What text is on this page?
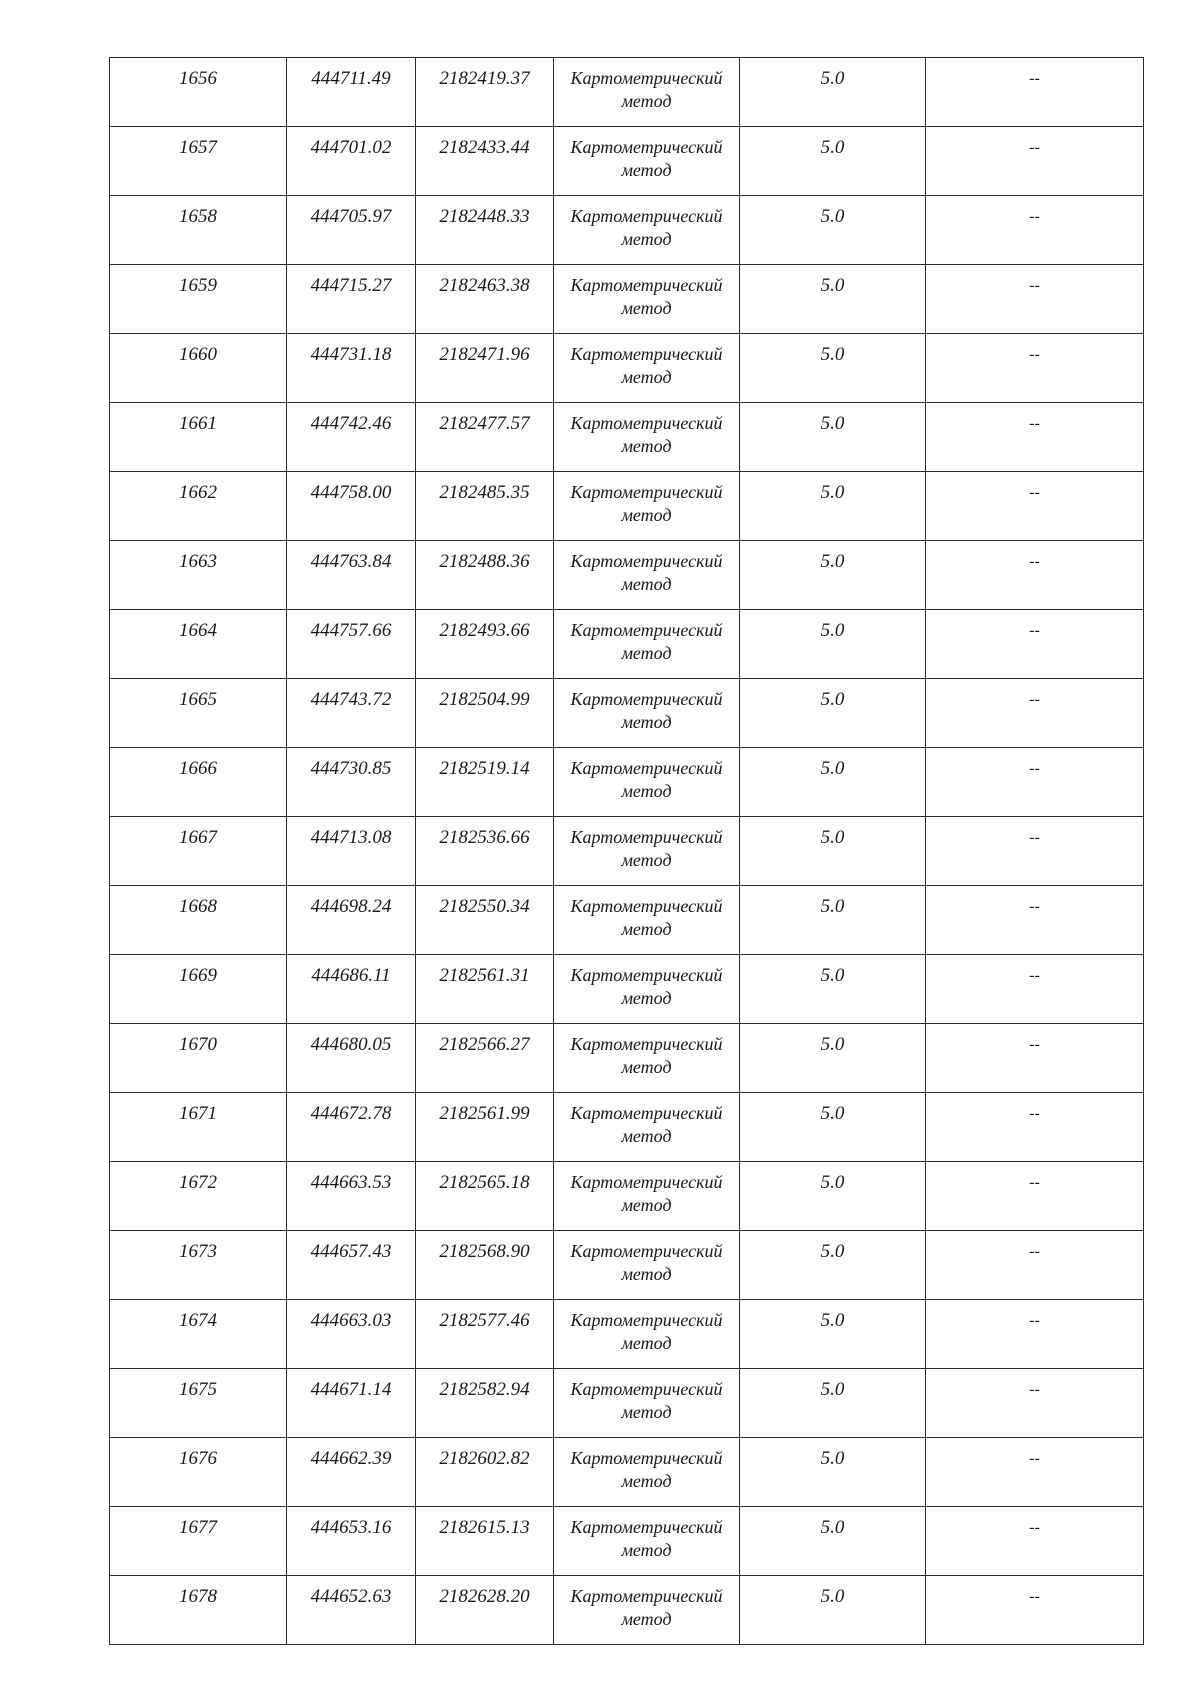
1656	444711.49	2182419.37	Картометрический
метод	5.0	--

1657	444701.02	2182433.44	Картометрический
метод	5.0	--

1658	444705.97	2182448.33	Картометрический
метод	5.0	--

1659	444715.27	2182463.38	Картометрический
метод	5.0	--

1660	444731.18	2182471.96	Картометрический
метод	5.0	--

1661	444742.46	2182477.57	Картометрический
метод	5.0	--

1662	444758.00	2182485.35	Картометрический
метод	5.0	--

1663	444763.84	2182488.36	Картометрический
метод	5.0	--

1664	444757.66	2182493.66	Картометрический
метод	5.0	--

1665	444743.72	2182504.99	Картометрический
метод	5.0	--

1666	444730.85	2182519.14	Картометрический
метод	5.0	--

1667	444713.08	2182536.66	Картометрический
метод	5.0	--

1668	444698.24	2182550.34	Картометрический
метод	5.0	--

1669	444686.11	2182561.31	Картометрический
метод	5.0	--

1670	444680.05	2182566.27	Картометрический
метод	5.0	--

1671	444672.78	2182561.99	Картометрический
метод	5.0	--

1672	444663.53	2182565.18	Картометрический
метод	5.0	--

1673	444657.43	2182568.90	Картометрический
метод	5.0	--

1674	444663.03	2182577.46	Картометрический
метод	5.0	--

1675	444671.14	2182582.94	Картометрический
метод	5.0	--

1676	444662.39	2182602.82	Картометрический
метод	5.0	--

1677	444653.16	2182615.13	Картометрический
метод	5.0	--

1678	444652.63	2182628.20	Картометрический
метод	5.0	--
